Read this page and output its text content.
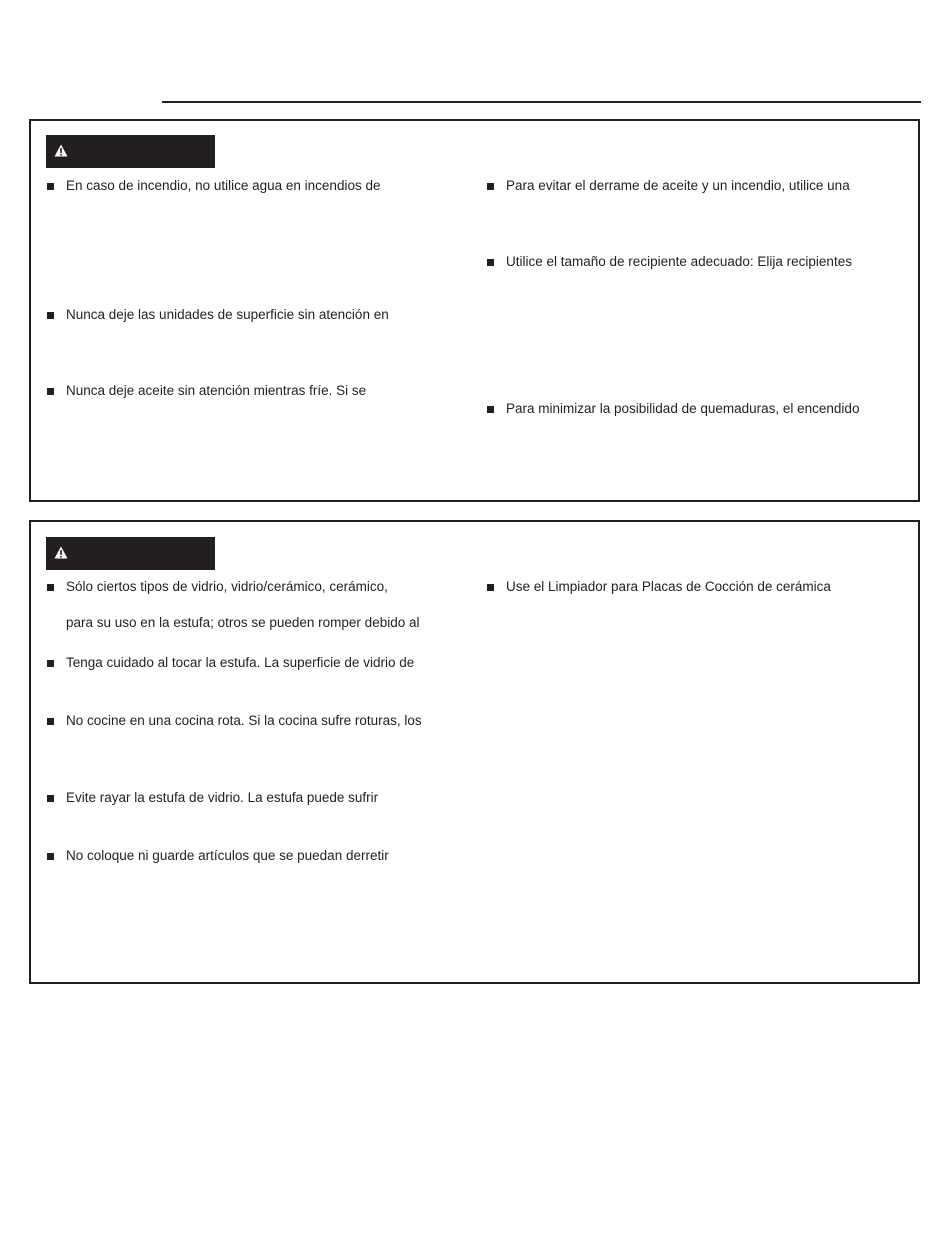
En caso de incendio, no utilice agua en incendios de

Nunca deje las unidades de superficie sin atención en

Nunca deje aceite sin atención mientras fríe. Si se

Para evitar el derrame de aceite y un incendio, utilice una

Utilice el tamaño de recipiente adecuado: Elija recipientes

Para minimizar la posibilidad de quemaduras, el encendido

Sólo ciertos tipos de vidrio, vidrio/cerámico, cerámico,

para su uso en la estufa; otros se pueden romper debido al

Tenga cuidado al tocar la estufa. La superficie de vidrio de

No cocine en una cocina rota. Si la cocina sufre roturas, los

Evite rayar la estufa de vidrio. La estufa puede sufrir

No coloque ni guarde artículos que se puedan derretir

Use el Limpiador para Placas de Cocción de cerámica
